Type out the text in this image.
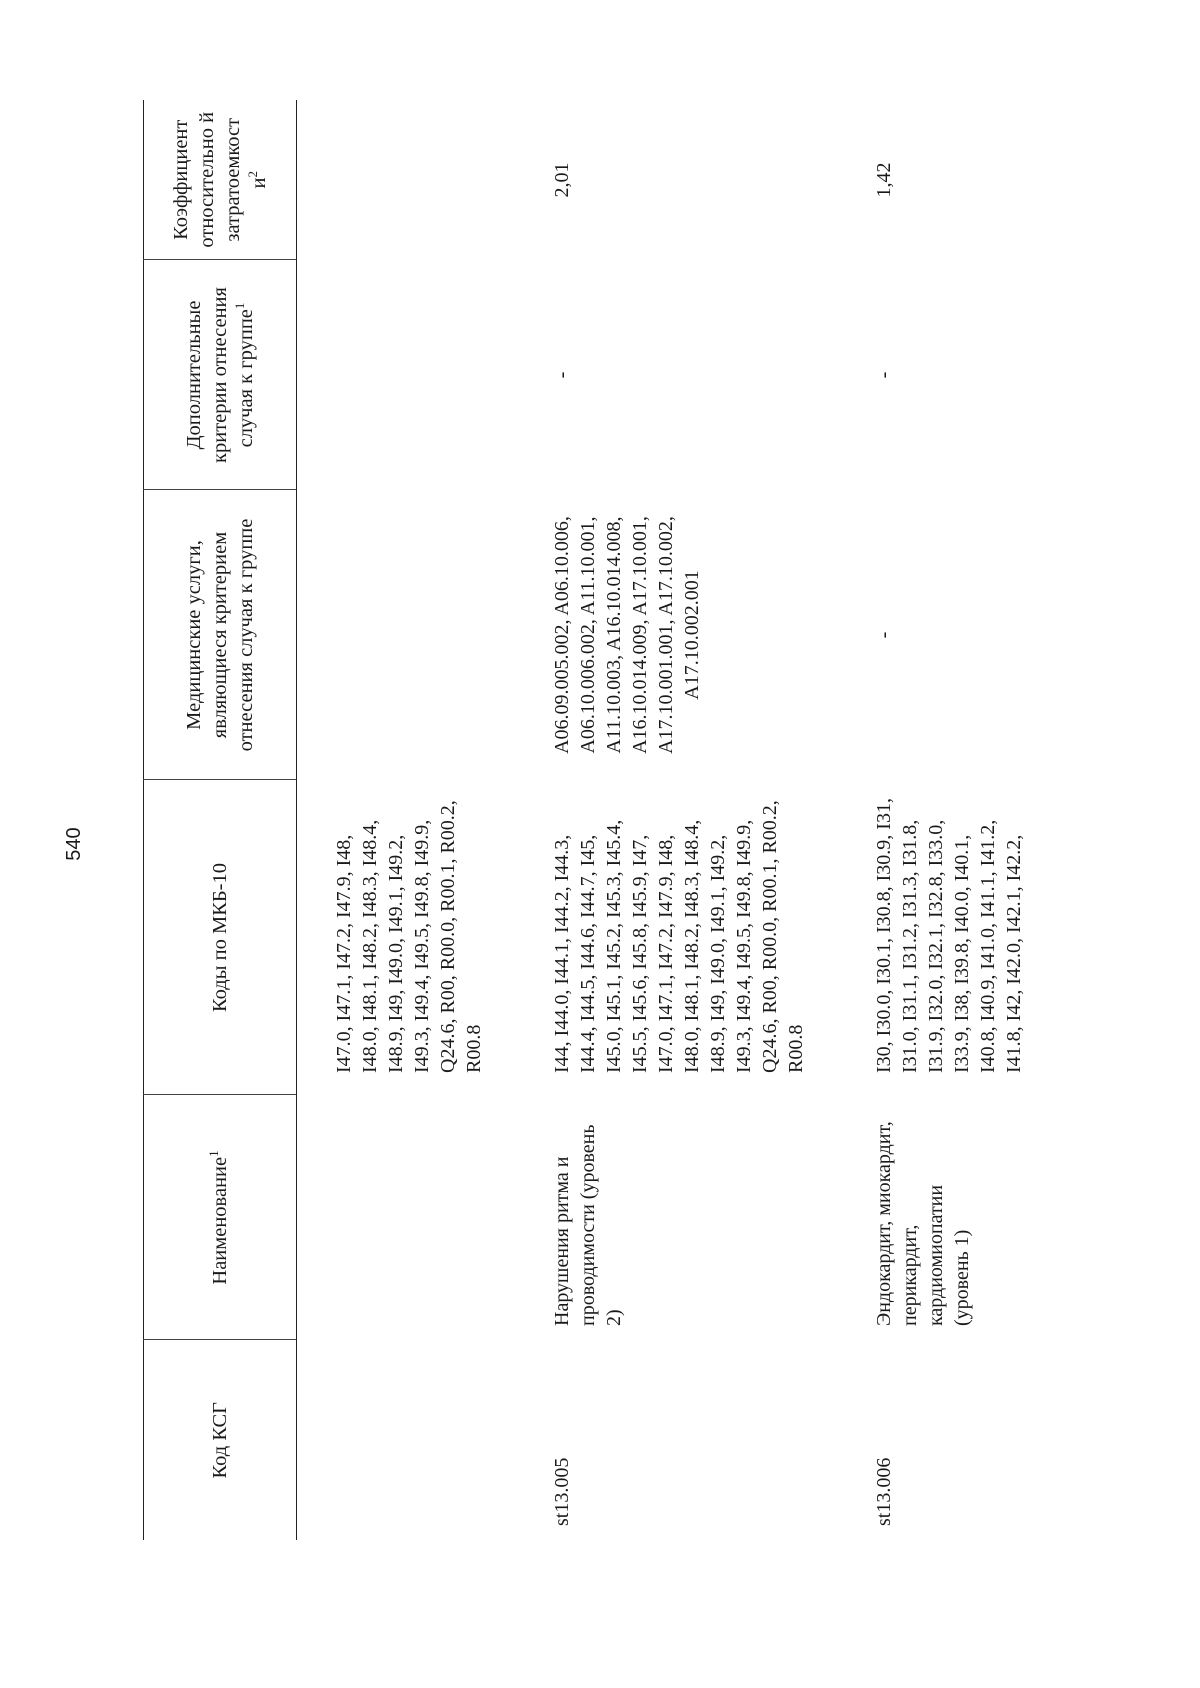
540
Код КСГ	Наименование$^1$	Коды по МКБ-10	Медицинские услуги, являющиеся критерием отнесения случая к группе	Дополнительные критерии отнесения случая к группе$^1$	Коэффициент относительно й затратоемкост $и^2$
		I47.0, I47.1, I47.2, I47.9, I48, I48.0, I48.1, I48.2, I48.3, I48.4, I48.9, I49, I49.0, I49.1, I49.2, I49.3, I49.4, I49.5, I49.8, I49.9, Q24.6, R00, R00.0, R00.1, R00.2, R00.8			
st13.005	Нарушения ритма и проводимости (уровень 2)	I44, I44.0, I44.1, I44.2, I44.3, I44.4, I44.5, I44.6, I44.7, I45, I45.0, I45.1, I45.2, I45.3, I45.4, I45.5, I45.6, I45.8, I45.9, I47, I47.0, I47.1, I47.2, I47.9, I48, I48.0, I48.1, I48.2, I48.3, I48.4, I48.9, I49, I49.0, I49.1, I49.2, I49.3, I49.4, I49.5, I49.8, I49.9, Q24.6, R00, R00.0, R00.1, R00.2, R00.8	A06.09.005.002, A06.10.006, A06.10.006.002, A11.10.001, A11.10.003, A16.10.014.008, A16.10.014.009, A17.10.001, A17.10.001.001, A17.10.002, A17.10.002.001	-	2,01
st13.006	Эндокардит, миокардит, перикардит, кардиомиопатии (уровень 1)	I30, I30.0, I30.1, I30.8, I30.9, I31, I31.0, I31.1, I31.2, I31.3, I31.8, I31.9, I32.0, I32.1, I32.8, I33.0, I33.9, I38, I39.8, I40.0, I40.1, I40.8, I40.9, I41.0, I41.1, I41.2, I41.8, I42, I42.0, I42.1, I42.2,	-	-	1,42
